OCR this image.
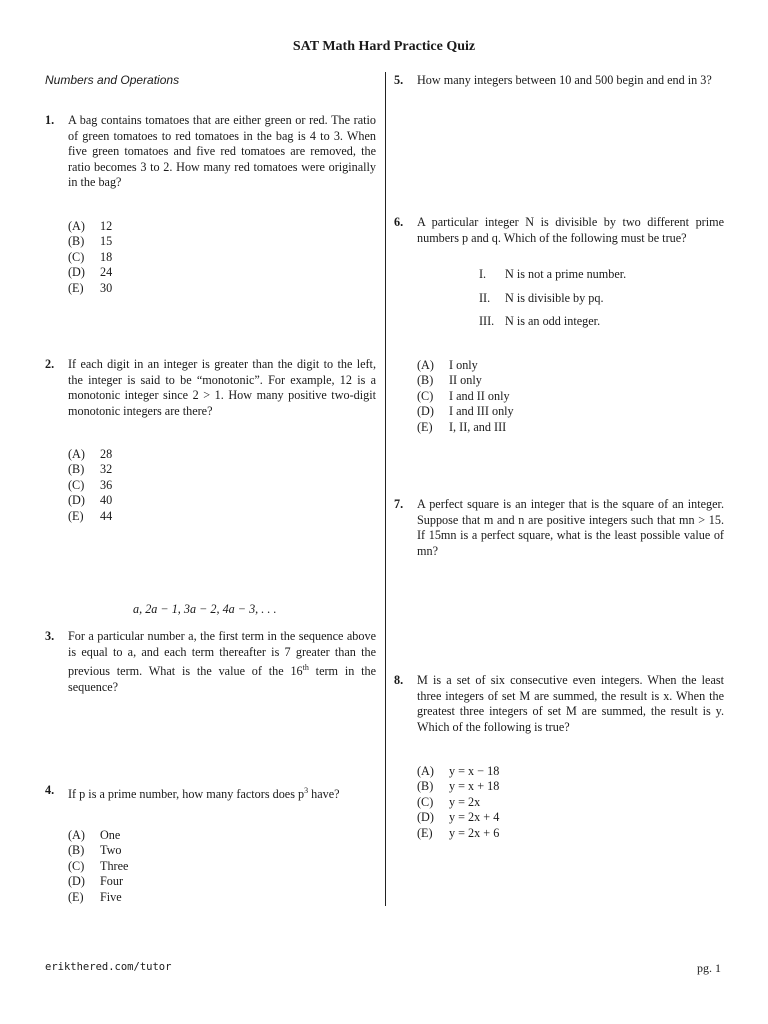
SAT Math Hard Practice Quiz
Numbers and Operations
1. A bag contains tomatoes that are either green or red. The ratio of green tomatoes to red tomatoes in the bag is 4 to 3. When five green tomatoes and five red tomatoes are removed, the ratio becomes 3 to 2. How many red tomatoes were originally in the bag?
(A)	12
(B)	15
(C)	18
(D)	24
(E)	30
2. If each digit in an integer is greater than the digit to the left, the integer is said to be “monotonic”. For example, 12 is a monotonic integer since 2 > 1. How many positive two-digit monotonic integers are there?
(A)	28
(B)	32
(C)	36
(D)	40
(E)	44
a, 2a − 1, 3a − 2, 4a − 3, . . .
3. For a particular number a, the first term in the sequence above is equal to a, and each term thereafter is 7 greater than the previous term. What is the value of the 16th term in the sequence?
4. If p is a prime number, how many factors does $p^3$ have?
(A)	One
(B)	Two
(C)	Three
(D)	Four
(E)	Five
5. How many integers between 10 and 500 begin and end in 3?
6. A particular integer N is divisible by two different prime numbers p and q. Which of the following must be true?
I.	N is not a prime number.
II.	N is divisible by pq.
III. N is an odd integer.
(A)	I only
(B)	II only
(C)	I and II only
(D)	I and III only
(E)	I, II, and III
7. A perfect square is an integer that is the square of an integer. Suppose that m and n are positive integers such that mn > 15. If 15mn is a perfect square, what is the least possible value of mn?
8. M is a set of six consecutive even integers. When the least three integers of set M are summed, the result is x. When the greatest three integers of set M are summed, the result is y. Which of the following is true?
(A)	y = x − 18
(B)	y = x + 18
(C)	y = 2x
(D)	y = 2x + 4
(E)	y = 2x + 6
erikthered.com/tutor	pg. 1
